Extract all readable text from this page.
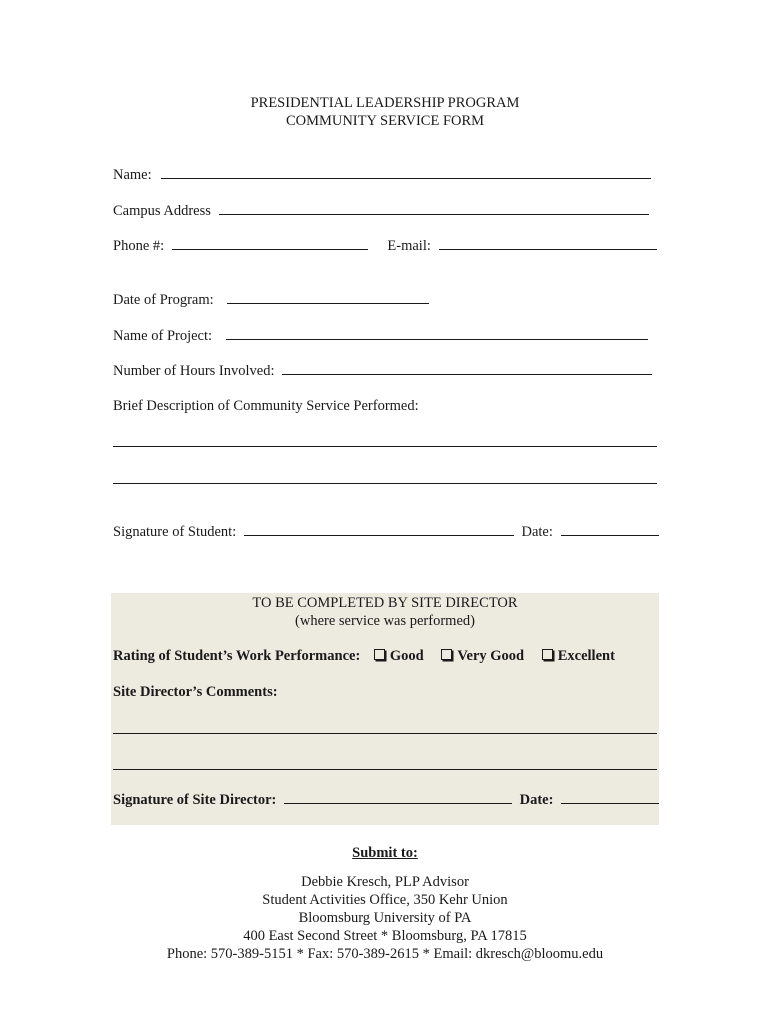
PRESIDENTIAL LEADERSHIP PROGRAM
COMMUNITY SERVICE FORM
Name:
Campus Address
Phone #:	E-mail:
Date of Program:
Name of Project:
Number of Hours Involved:
Brief Description of Community Service Performed:
Signature of Student:	Date:
TO BE COMPLETED BY SITE DIRECTOR
(where service was performed)
Rating of Student’s Work Performance: Good Very Good Excellent
Site Director’s Comments:
Signature of Site Director:	Date:
Submit to:
Debbie Kresch, PLP Advisor
Student Activities Office, 350 Kehr Union
Bloomsburg University of PA
400 East Second Street * Bloomsburg, PA 17815
Phone: 570-389-5151 * Fax: 570-389-2615 * Email: dkresch@bloomu.edu
